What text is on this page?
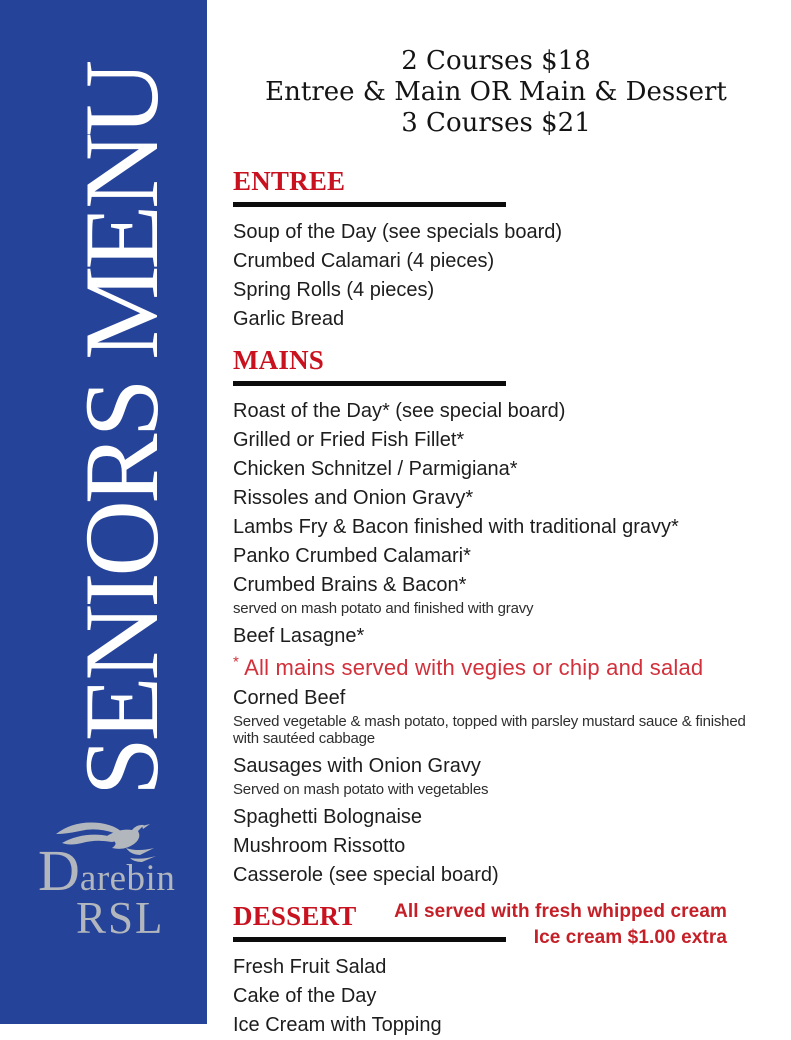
SENIORS MENU
Darebin
RSL
2 Courses $18
Entree & Main OR Main & Dessert
3 Courses $21
ENTREE
Soup of the Day (see specials board)
Crumbed Calamari (4 pieces)
Spring Rolls (4 pieces)
Garlic Bread
MAINS
Roast of the Day* (see special board)
Grilled or Fried Fish Fillet*
Chicken Schnitzel / Parmigiana*
Rissoles and Onion Gravy*
Lambs Fry & Bacon finished with traditional gravy*
Panko Crumbed Calamari*
Crumbed Brains & Bacon*
served on mash potato and finished with gravy
Beef Lasagne*
* All mains served with vegies or chip and salad
Corned Beef
Served vegetable & mash potato, topped with parsley mustard sauce & finished with sautéed cabbage
Sausages with Onion Gravy
Served on mash potato with vegetables
Spaghetti Bolognaise
Mushroom Rissotto
Casserole (see special board)
DESSERT
Fresh Fruit Salad
Cake of the Day
Ice Cream with Topping
All served with fresh whipped cream
Ice cream $1.00 extra
